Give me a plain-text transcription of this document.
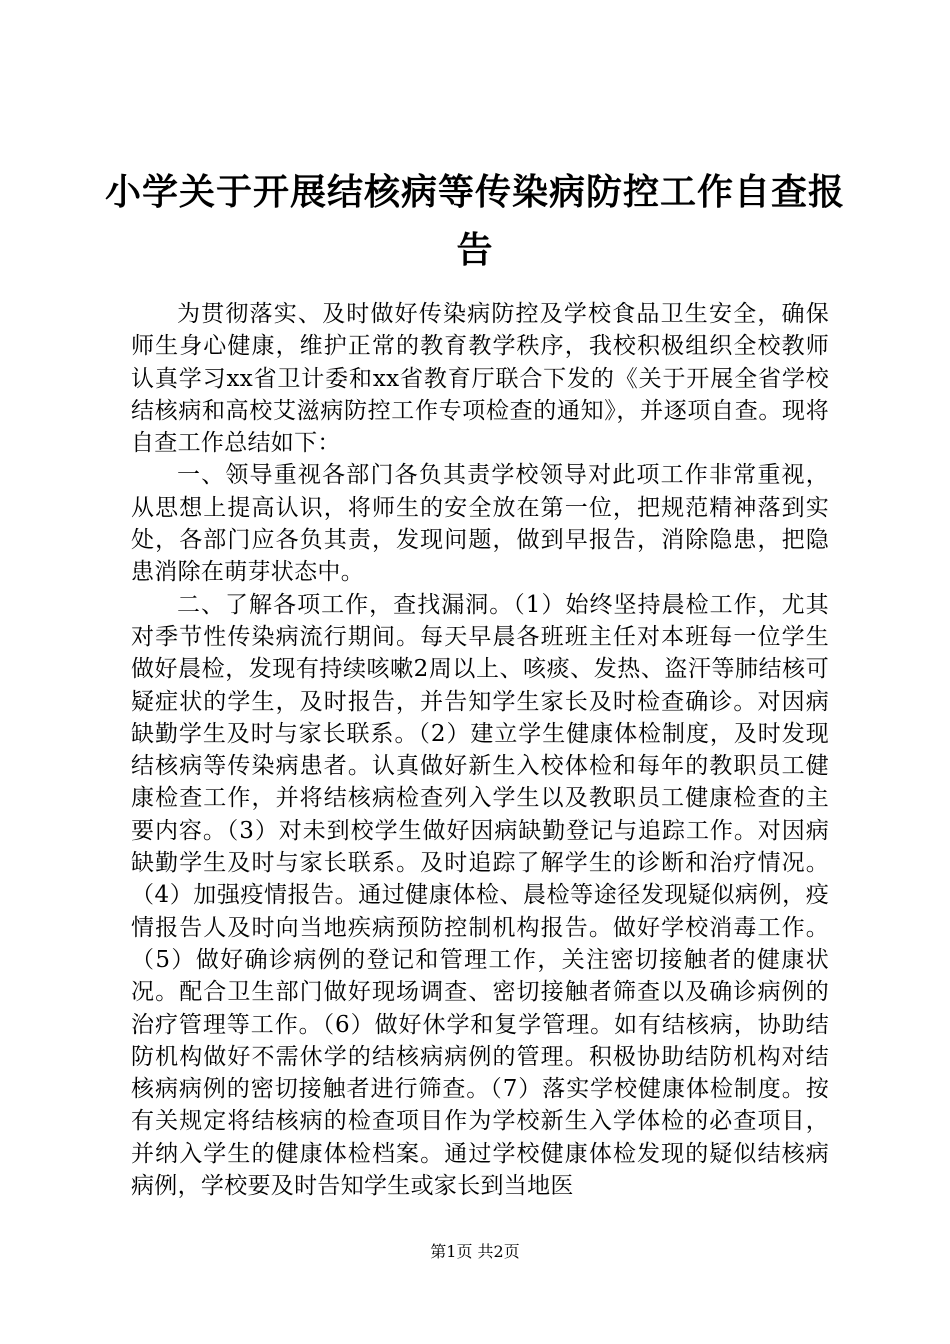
小学关于开展结核病等传染病防控工作自查报告

为贯彻落实、及时做好传染病防控及学校食品卫生安全，确保师生身心健康，维护正常的教育教学秩序，我校积极组织全校教师认真学习xx省卫计委和xx省教育厅联合下发的《关于开展全省学校结核病和高校艾滋病防控工作专项检查的通知》，并逐项自查。现将自查工作总结如下：

一、领导重视各部门各负其责学校领导对此项工作非常重视，从思想上提高认识，将师生的安全放在第一位，把规范精神落到实处，各部门应各负其责，发现问题，做到早报告，消除隐患，把隐患消除在萌芽状态中。

二、了解各项工作，查找漏洞。（1）始终坚持晨检工作，尤其对季节性传染病流行期间。每天早晨各班班主任对本班每一位学生做好晨检，发现有持续咳嗽2周以上、咳痰、发热、盗汗等肺结核可疑症状的学生，及时报告，并告知学生家长及时检查确诊。对因病缺勤学生及时与家长联系。（2）建立学生健康体检制度，及时发现结核病等传染病患者。认真做好新生入校体检和每年的教职员工健康检查工作，并将结核病检查列入学生以及教职员工健康检查的主要内容。（3）对未到校学生做好因病缺勤登记与追踪工作。对因病缺勤学生及时与家长联系。及时追踪了解学生的诊断和治疗情况。（4）加强疫情报告。通过健康体检、晨检等途径发现疑似病例，疫情报告人及时向当地疾病预防控制机构报告。做好学校消毒工作。（5）做好确诊病例的登记和管理工作，关注密切接触者的健康状况。配合卫生部门做好现场调查、密切接触者筛查以及确诊病例的治疗管理等工作。（6）做好休学和复学管理。如有结核病，协助结防机构做好不需休学的结核病病例的管理。积极协助结防机构对结核病病例的密切接触者进行筛查。（7）落实学校健康体检制度。按有关规定将结核病的检查项目作为学校新生入学体检的必查项目，并纳入学生的健康体检档案。通过学校健康体检发现的疑似结核病病例，学校要及时告知学生或家长到当地医

第1页 共2页
